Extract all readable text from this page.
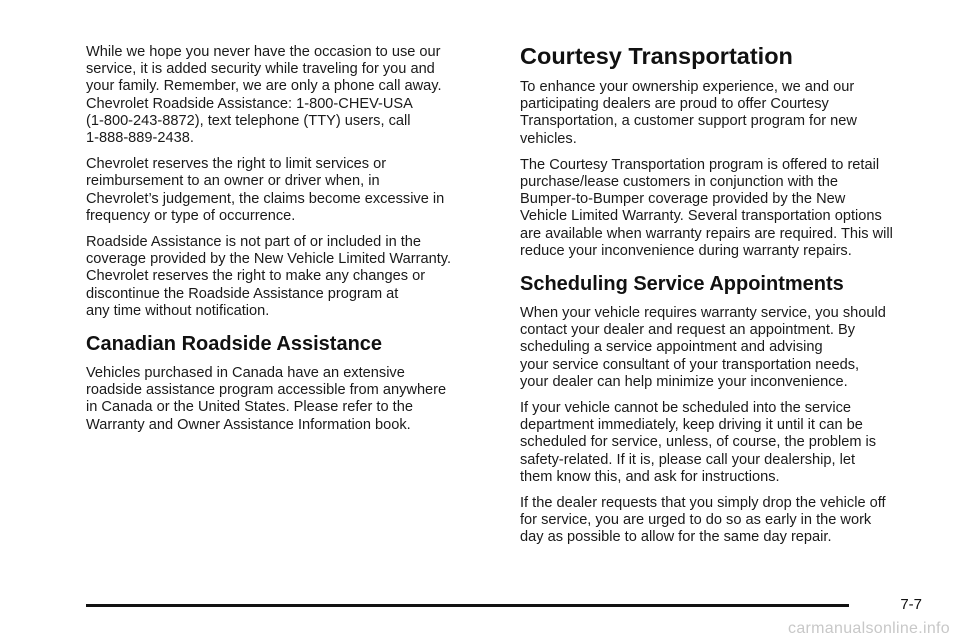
While we hope you never have the occasion to use our
service, it is added security while traveling for you and
your family. Remember, we are only a phone call away.
Chevrolet Roadside Assistance: 1-800-CHEV-USA
(1-800-243-8872), text telephone (TTY) users, call
1-888-889-2438.

Chevrolet reserves the right to limit services or
reimbursement to an owner or driver when, in
Chevrolet’s judgement, the claims become excessive in
frequency or type of occurrence.

Roadside Assistance is not part of or included in the
coverage provided by the New Vehicle Limited Warranty.
Chevrolet reserves the right to make any changes or
discontinue the Roadside Assistance program at
any time without notification.

Canadian Roadside Assistance

Vehicles purchased in Canada have an extensive
roadside assistance program accessible from anywhere
in Canada or the United States. Please refer to the
Warranty and Owner Assistance Information book.

Courtesy Transportation

To enhance your ownership experience, we and our
participating dealers are proud to offer Courtesy
Transportation, a customer support program for new
vehicles.

The Courtesy Transportation program is offered to retail
purchase/lease customers in conjunction with the
Bumper-to-Bumper coverage provided by the New
Vehicle Limited Warranty. Several transportation options
are available when warranty repairs are required. This will
reduce your inconvenience during warranty repairs.

Scheduling Service Appointments

When your vehicle requires warranty service, you should
contact your dealer and request an appointment. By
scheduling a service appointment and advising
your service consultant of your transportation needs,
your dealer can help minimize your inconvenience.

If your vehicle cannot be scheduled into the service
department immediately, keep driving it until it can be
scheduled for service, unless, of course, the problem is
safety-related. If it is, please call your dealership, let
them know this, and ask for instructions.

If the dealer requests that you simply drop the vehicle off
for service, you are urged to do so as early in the work
day as possible to allow for the same day repair.

7-7
carmanualsonline.info
